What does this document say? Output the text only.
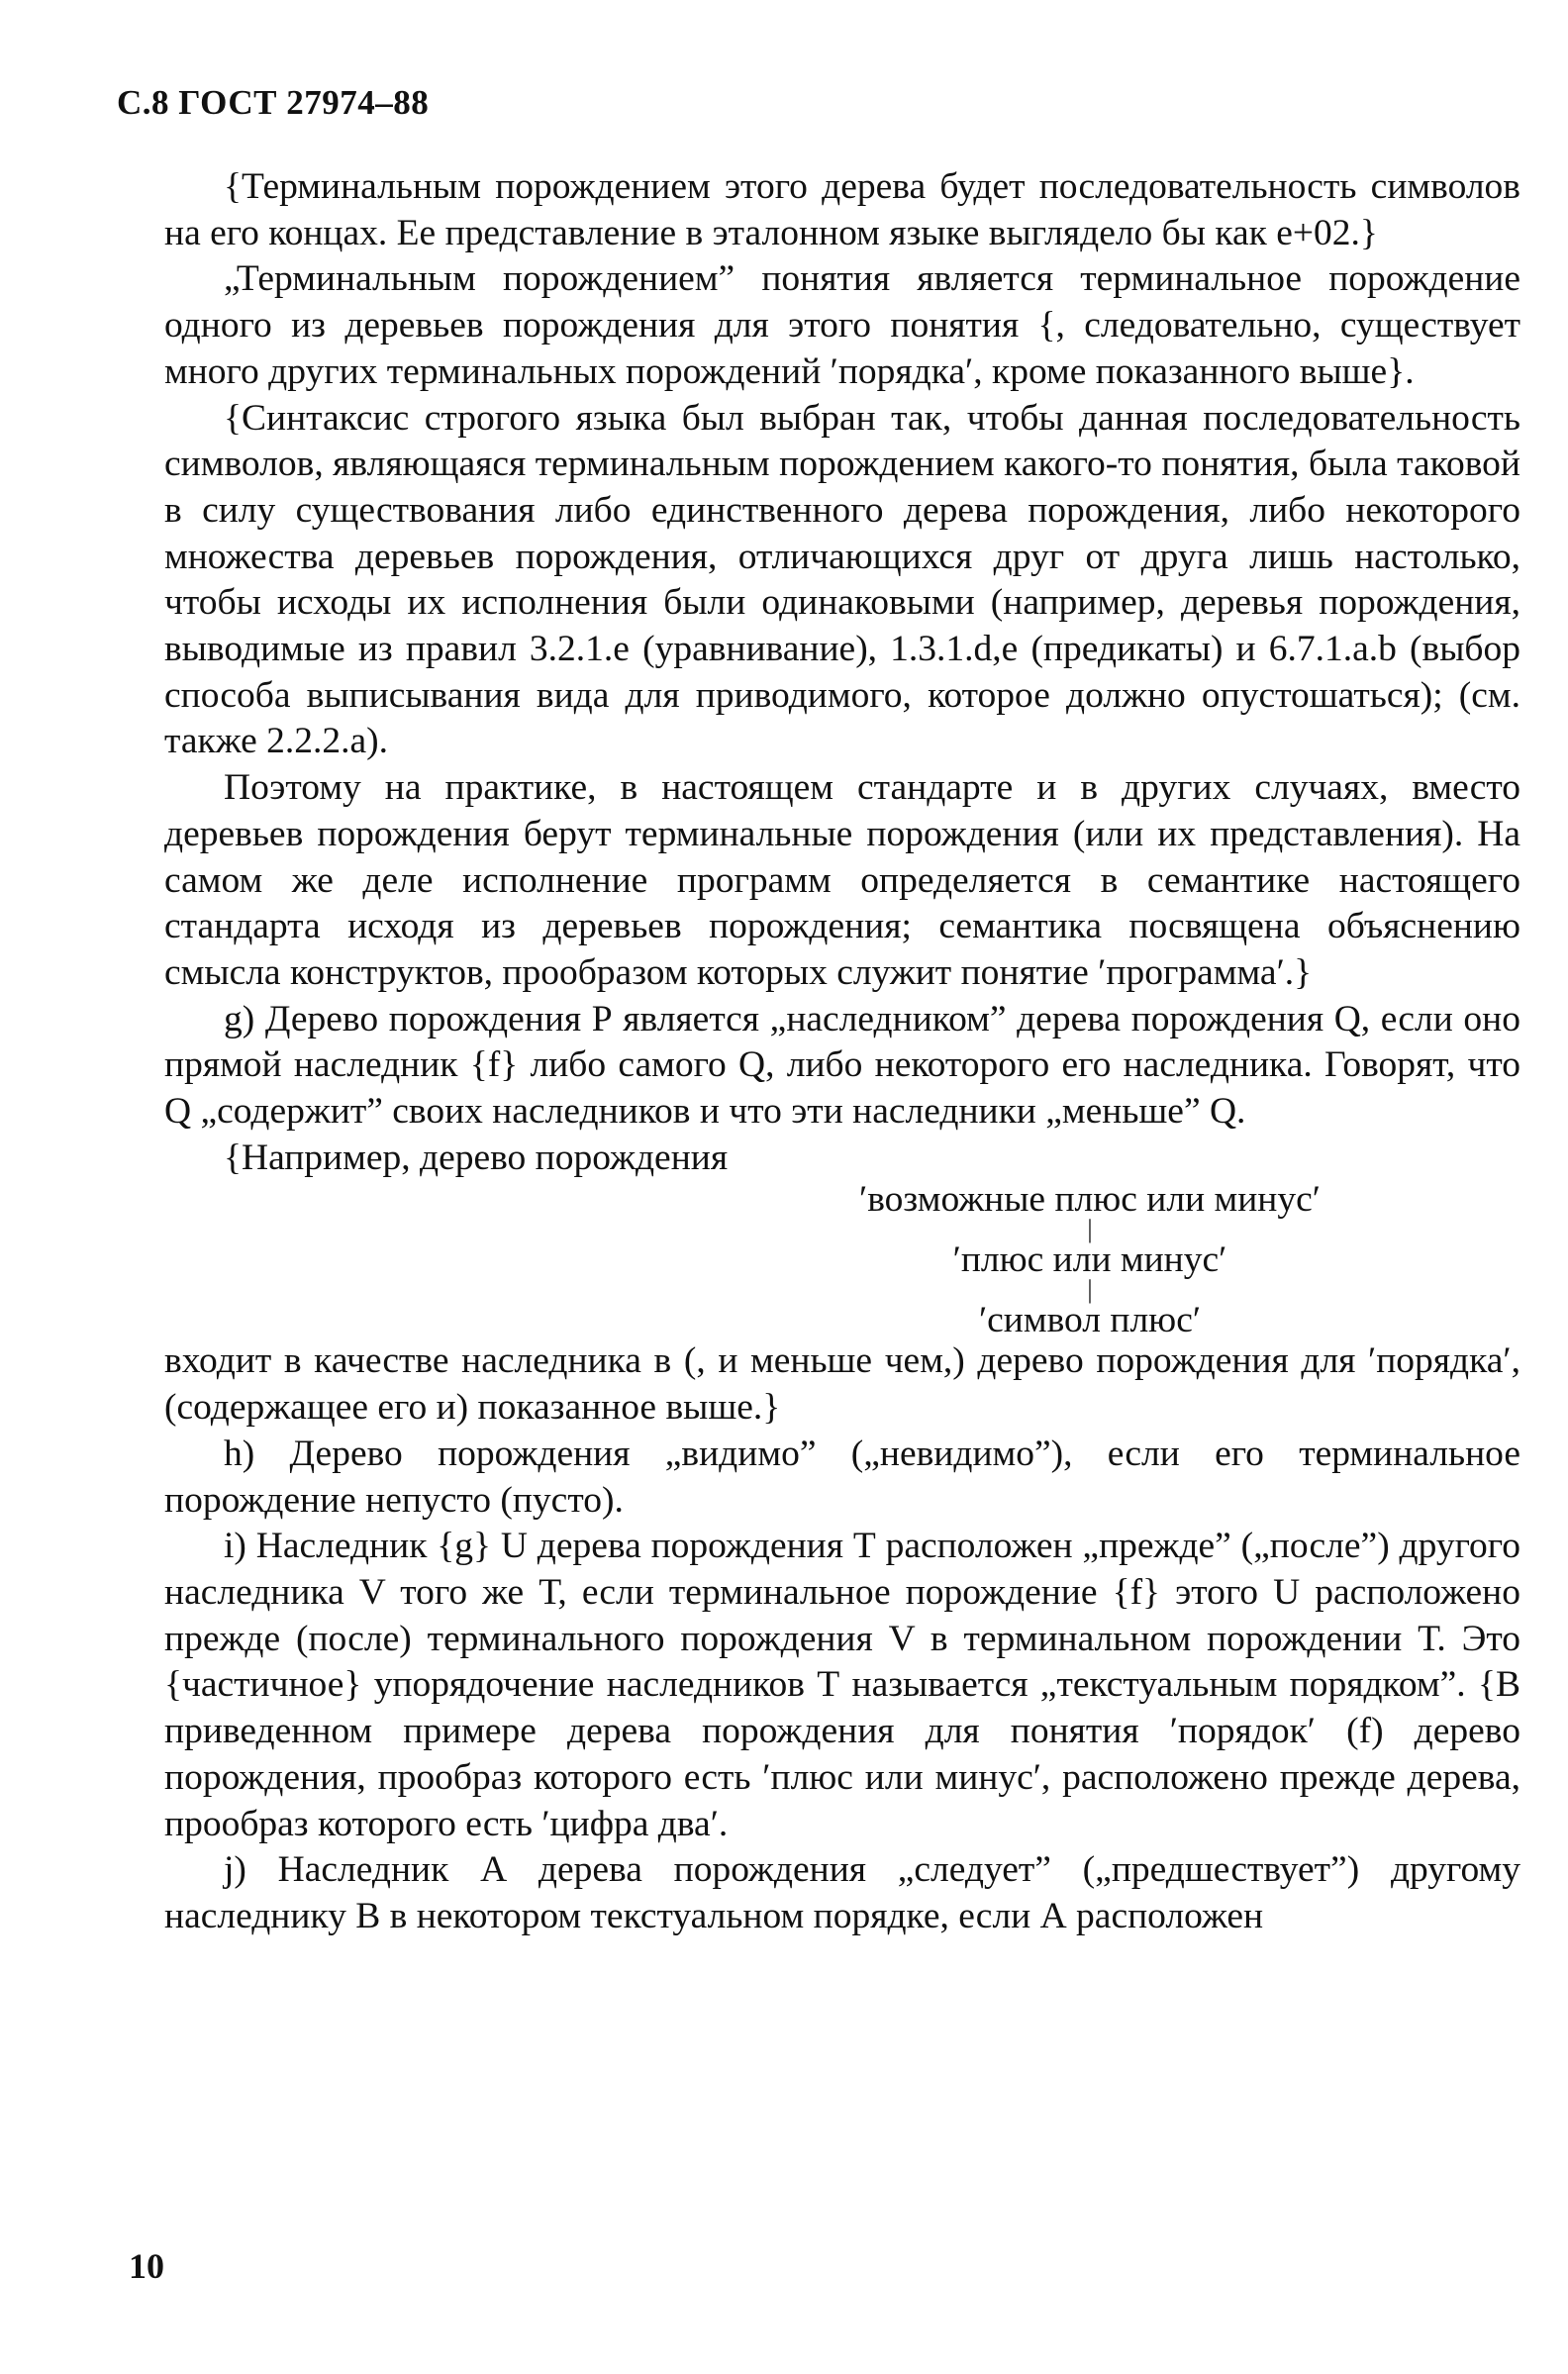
С.8 ГОСТ 27974–88

{Терминальным порождением этого дерева будет последовательность символов на его концах. Ее представление в эталонном языке выглядело бы как е+02.}

„Терминальным порождением” понятия является терминальное порождение одного из деревьев порождения для этого понятия {, следовательно, существует много других терминальных порождений ′порядка′, кроме показанного выше}.

{Синтаксис строгого языка был выбран так, чтобы данная последовательность символов, являющаяся терминальным порождением какого-то понятия, была таковой в силу существования либо единственного дерева порождения, либо некоторого множества деревьев порождения, отличающихся друг от друга лишь настолько, чтобы исходы их исполнения были одинаковыми (например, деревья порождения, выводимые из правил 3.2.1.е (уравнивание), 1.3.1.d,e (предикаты) и 6.7.1.a.b (выбор способа выписывания вида для приводимого, которое должно опустошаться); (см. также 2.2.2.а).

Поэтому на практике, в настоящем стандарте и в других случаях, вместо деревьев порождения берут терминальные порождения (или их представления). На самом же деле исполнение программ определяется в семантике настоящего стандарта исходя из деревьев порождения; семантика посвящена объяснению смысла конструктов, прообразом которых служит понятие ′программа′.}

g) Дерево порождения Р является „наследником” дерева порождения Q, если оно прямой наследник {f} либо самого Q, либо некоторого его наследника. Говорят, что Q „содержит” своих наследников и что эти наследники „меньше” Q.

{Например, дерево порождения

′возможные плюс или минус′
|
′плюс или минус′
|
′символ плюс′

входит в качестве наследника в (, и меньше чем,) дерево порождения для ′порядка′, (содержащее его и) показанное выше.}

h) Дерево порождения „видимо” („невидимо”), если его терминальное порождение непусто (пусто).

i) Наследник {g} U дерева порождения Т расположен „прежде” („после”) другого наследника V того же Т, если терминальное порождение {f} этого U расположено прежде (после) терминального порождения V в терминальном порождении Т. Это {частичное} упорядочение наследников Т называется „текстуальным порядком”. {В приведенном примере дерева порождения для понятия ′порядок′ (f) дерево порождения, прообраз которого есть ′плюс или минус′, расположено прежде дерева, прообраз которого есть ′цифра два′.

j) Наследник А дерева порождения „следует” („предшествует”) другому наследнику В в некотором текстуальном порядке, если А расположен

10
